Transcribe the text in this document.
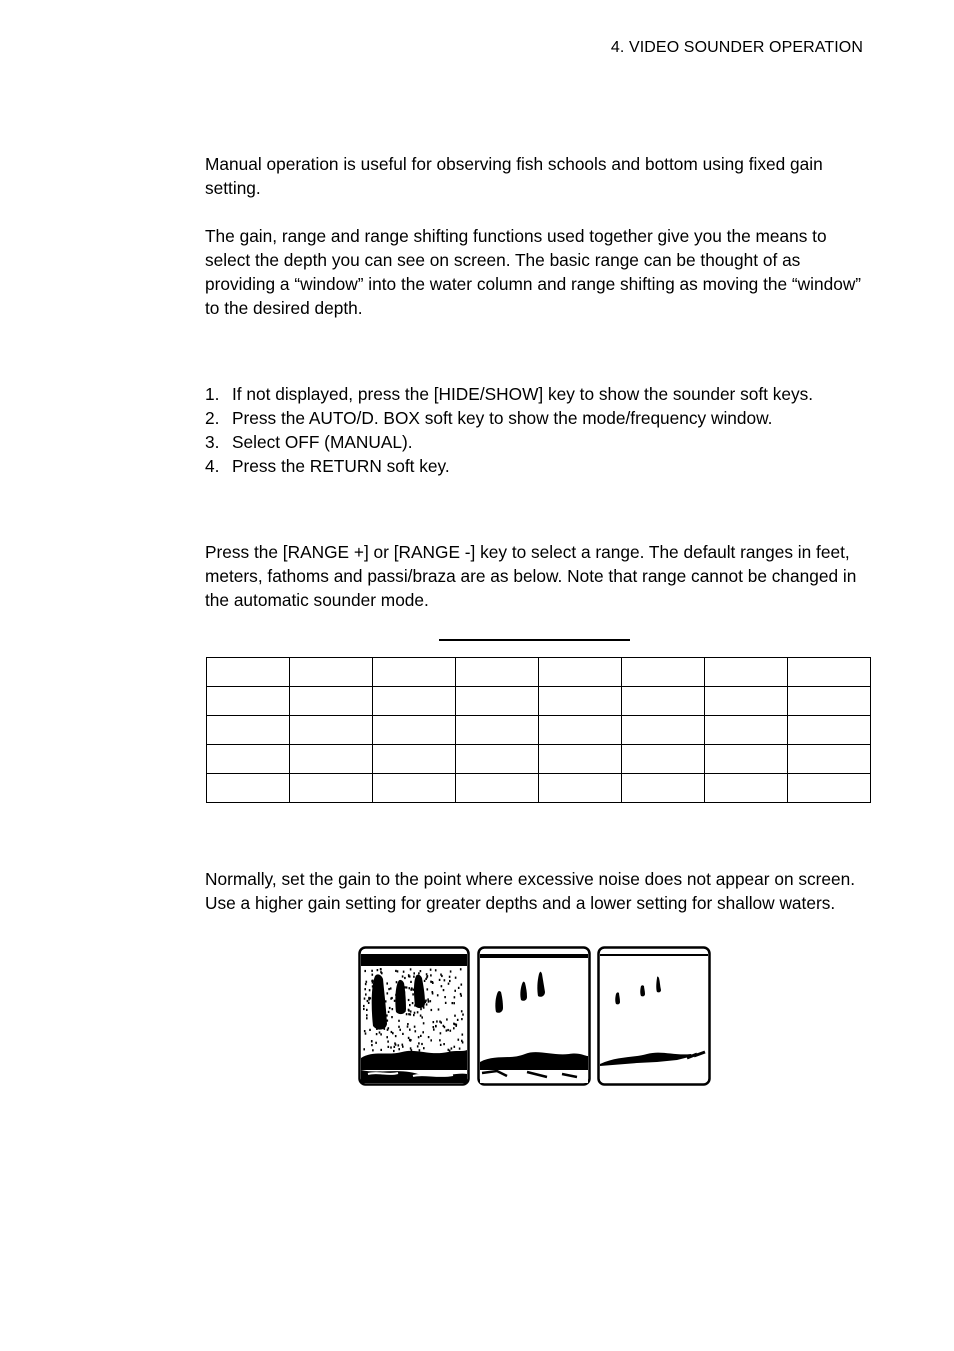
4. VIDEO SOUNDER OPERATION

Manual operation is useful for observing fish schools and bottom using fixed gain setting.

The gain, range and range shifting functions used together give you the means to select the depth you can see on screen. The basic range can be thought of as providing a “window” into the water column and range shifting as moving the “window” to the desired depth.

1. If not displayed, press the [HIDE/SHOW] key to show the sounder soft keys.
2. Press the AUTO/D. BOX soft key to show the mode/frequency window.
3. Select OFF (MANUAL).
4. Press the RETURN soft key.

Press the [RANGE +] or [RANGE -] key to select a range. The default ranges in feet, meters, fathoms and passi/braza are as below. Note that range cannot be changed in the automatic sounder mode.

Normally, set the gain to the point where excessive noise does not appear on screen. Use a higher gain setting for greater depths and a lower setting for shallow waters.
